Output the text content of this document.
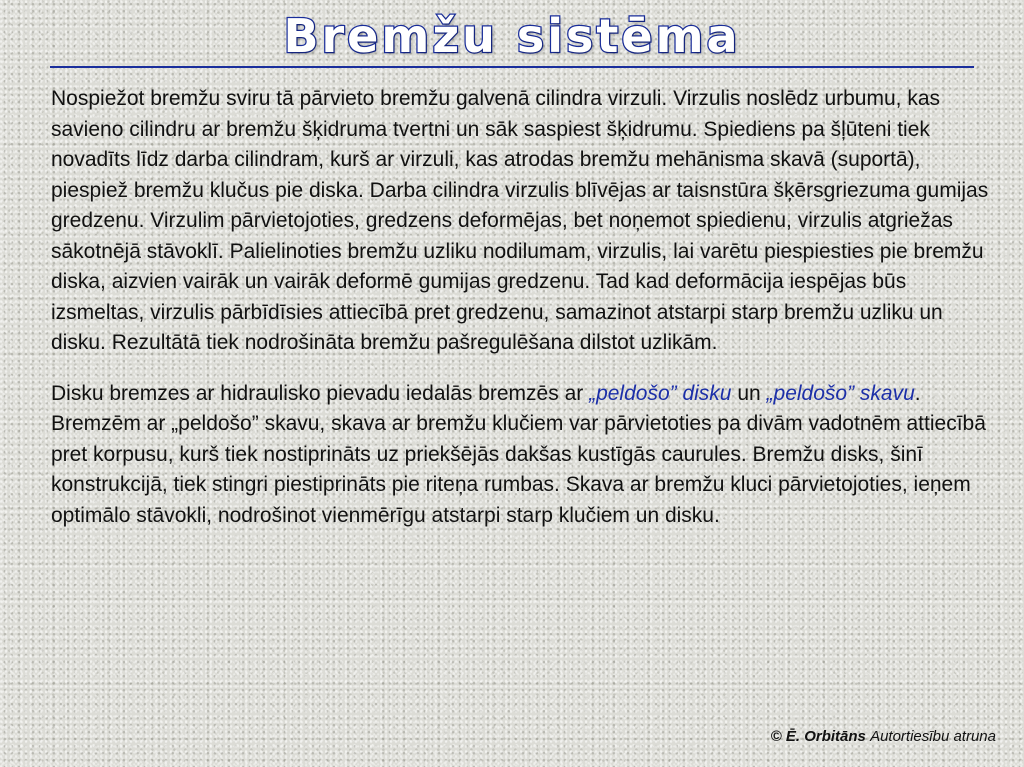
Bremžu sistēma

Nospiežot bremžu sviru tā pārvieto bremžu galvenā cilindra virzuli. Virzulis noslēdz urbumu, kas savieno cilindru ar bremžu šķidruma tvertni un sāk saspiest šķidrumu. Spiediens pa šļūteni tiek novadīts līdz darba cilindram, kurš ar virzuli, kas atrodas bremžu mehānisma skavā (suportā), piespiež bremžu klučus pie diska. Darba cilindra virzulis blīvējas ar taisnstūra šķērsgriezuma gumijas gredzenu. Virzulim pārvietojoties, gredzens deformējas, bet noņemot spiedienu, virzulis atgriežas sākotnējā stāvoklī. Palielinoties bremžu uzliku nodilumam, virzulis, lai varētu piespiesties pie bremžu diska, aizvien vairāk un vairāk deformē gumijas gredzenu. Tad kad deformācija iespējas būs izsmeltas, virzulis pārbīdīsies attiecībā pret gredzenu, samazinot atstarpi starp bremžu uzliku un disku. Rezultātā tiek nodrošināta bremžu pašregulēšana dilstot uzlikām.

Disku bremzes ar hidraulisko pievadu iedalās bremzēs ar „peldošo” disku un „peldošo” skavu. Bremzēm ar „peldošo” skavu, skava ar bremžu klučiem var pārvietoties pa divām vadotnēm attiecībā pret korpusu, kurš tiek nostiprināts uz priekšējās dakšas kustīgās caurules. Bremžu disks, šinī konstrukcijā, tiek stingri piestiprināts pie riteņa rumbas. Skava ar bremžu kluci pārvietojoties, ieņem optimālo stāvokli, nodrošinot vienmērīgu atstarpi starp klučiem un disku.

© Ē. Orbitāns Autortiesību atruna
